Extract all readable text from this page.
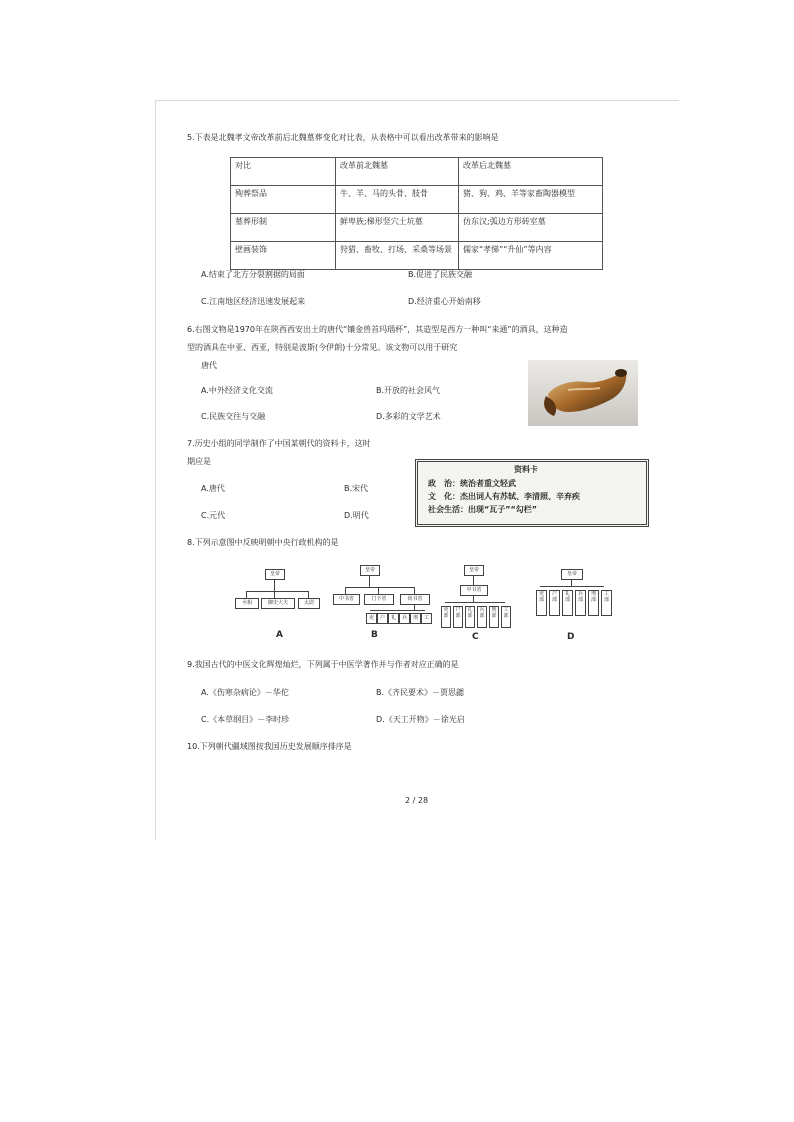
5.下表是北魏孝文帝改革前后北魏墓葬变化对比表，从表格中可以看出改革带来的影响是
对比	改革前北魏墓	改革后北魏墓
殉葬祭品	牛、羊、马的头骨、肢骨	猪、狗、鸡、羊等家畜陶器模型
墓葬形制	鲜卑族;梯形竖穴土坑墓	仿东汉;弧边方形砖室墓
壁画装饰	狩猎、畜牧、打场、采桑等场景	儒家“孝悌”“升仙”等内容
A.结束了北方分裂割据的局面	B.促进了民族交融
C.江南地区经济迅速发展起来	D.经济重心开始南移
6.右图文物是1970年在陕西西安出土的唐代“镶金兽首玛瑙杯”，其造型是西方一种叫“来通”的酒具，这种造
型的酒具在中亚、西亚，特别是波斯(今伊朗)十分常见。该文物可以用于研究
唐代
A.中外经济文化交流	B.开放的社会风气
C.民族交往与交融	D.多彩的文学艺术
7.历史小组的同学制作了中国某朝代的资料卡，这时
期应是
A.唐代	B.宋代
C.元代	D.明代
资料卡
政　治：统治者重文轻武
文　化：杰出词人有苏轼、李清照、辛弃疾
社会生活：出现“瓦子”“勾栏”
8.下列示意图中反映明朝中央行政机构的是
皇帝
丞相	御史大夫	太尉
A
皇帝
中书省	门下省	尚书省
吏	户	礼	兵	刑	工
B
皇帝
中书省
吏部
户部
礼部
兵部
刑部
工部
C
皇帝
吏部
户部
礼部
兵部
刑部
工部
D
9.我国古代的中医文化辉煌灿烂，下列属于中医学著作并与作者对应正确的是
A.《伤寒杂病论》－华佗	B.《齐民要术》－贾思勰
C.《本草纲目》－李时珍	D.《天工开物》－徐光启
10.下列朝代疆域图按我国历史发展顺序排序是
2 / 28
